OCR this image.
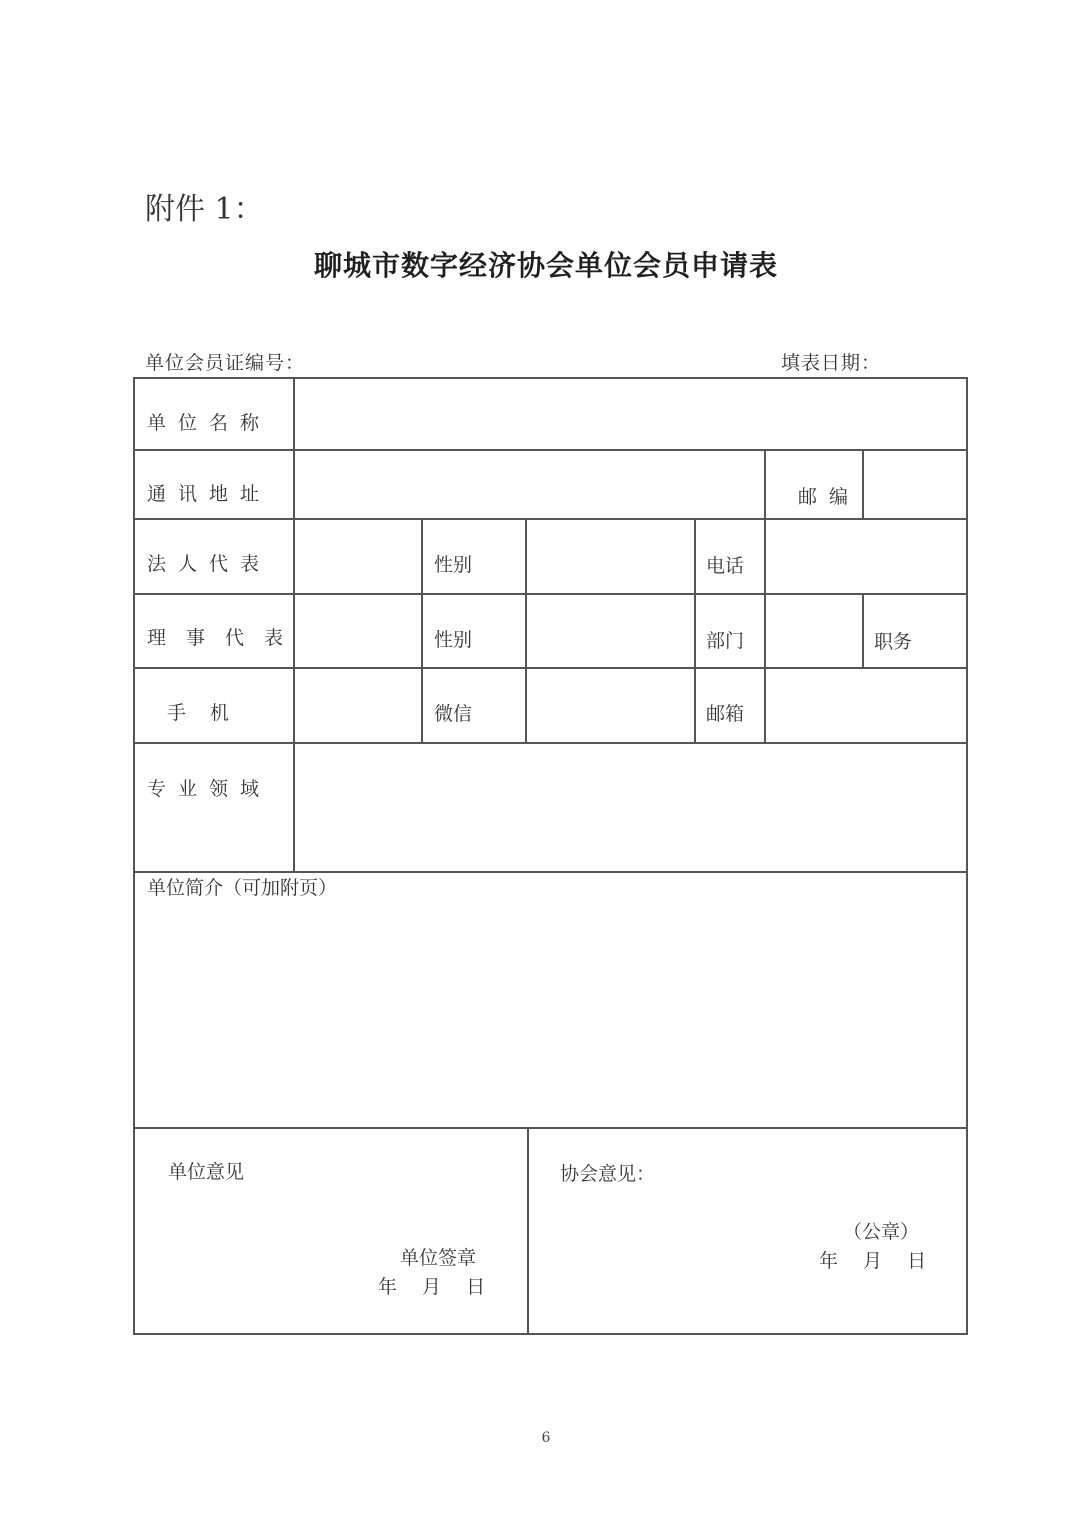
附件 1：
聊城市数字经济协会单位会员申请表
单位会员证编号：	填表日期：
单位名称
通讯地址	邮编
法人代表	性别	电话
理事代表	性别	部门	职务
手机	微信	邮箱
专业领域
单位简介（可加附页）
单位意见
单位签章
年　 月　 日
协会意见：
（公章）
年　 月　 日
6
